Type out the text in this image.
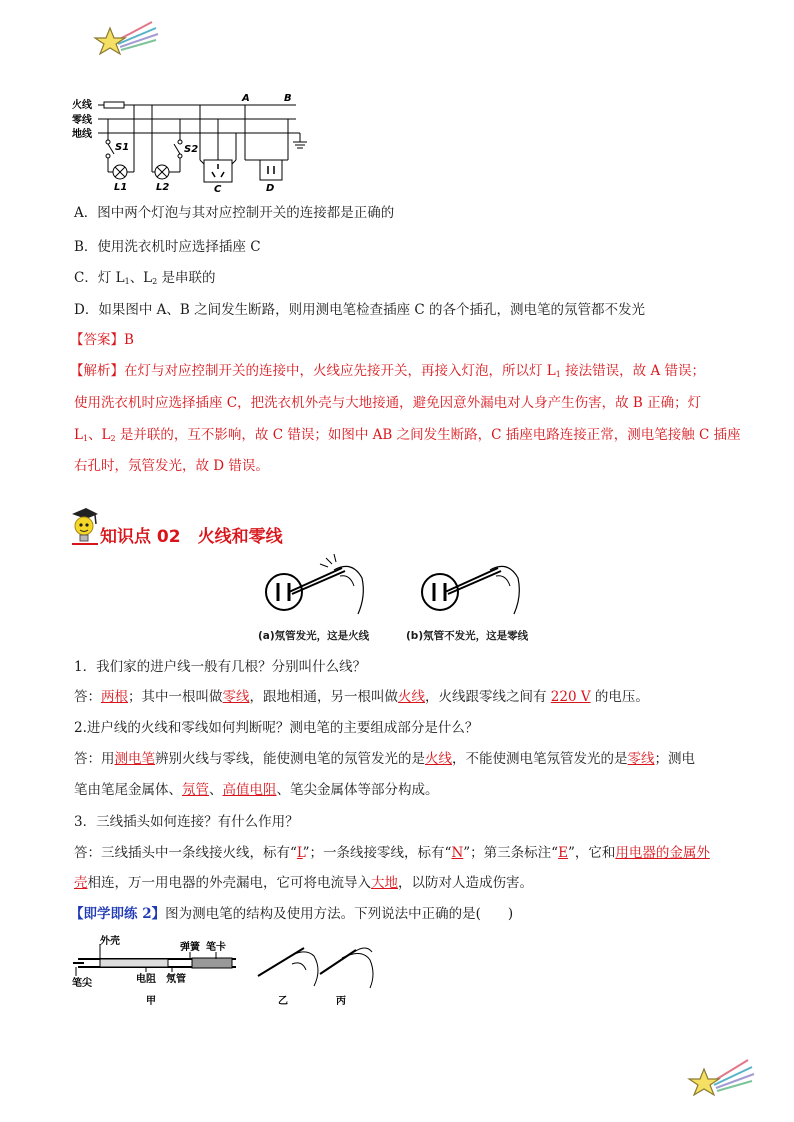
火线
零线
地线
A	B
S1
L1
S2
L2	C	D
A．图中两个灯泡与其对应控制开关的连接都是正确的
B．使用洗衣机时应选择插座 C
C．灯 $L_1$、$L_2$ 是串联的
D．如果图中 A、B 之间发生断路，则用测电笔检查插座 C 的各个插孔，测电笔的氖管都不发光
【答案】B
【解析】在灯与对应控制开关的连接中，火线应先接开关，再接入灯泡，所以灯 $L_1$ 接法错误，故 A 错误；
使用洗衣机时应选择插座 C，把洗衣机外壳与大地接通，避免因意外漏电对人身产生伤害，故 B 正确；灯
$L_1$、$L_2$ 是并联的，互不影响，故 C 错误；如图中 AB 之间发生断路，C 插座电路连接正常，测电笔接触 C 插座
右孔时，氖管发光，故 D 错误。
知识点 02　火线和零线
(a)氖管发光，这是火线	(b)氖管不发光，这是零线
1．我们家的进户线一般有几根？分别叫什么线？
答：两根；其中一根叫做零线，跟地相通，另一根叫做火线，火线跟零线之间有 220 V 的电压。
2.进户线的火线和零线如何判断呢？测电笔的主要组成部分是什么？
答：用测电笔辨别火线与零线，能使测电笔的氖管发光的是火线，不能使测电笔氖管发光的是零线；测电
笔由笔尾金属体、氖管、高值电阻、笔尖金属体等部分构成。
3．三线插头如何连接？有什么作用？
答：三线插头中一条线接火线，标有“L”；一条线接零线，标有“N”；第三条标注“E”，它和用电器的金属外
壳相连，万一用电器的外壳漏电，它可将电流导入大地，以防对人造成伤害。
【即学即练 2】图为测电笔的结构及使用方法。下列说法中正确的是(　　)
外壳
弹簧 笔卡
笔尖	电阻 氖管
甲	乙	丙
